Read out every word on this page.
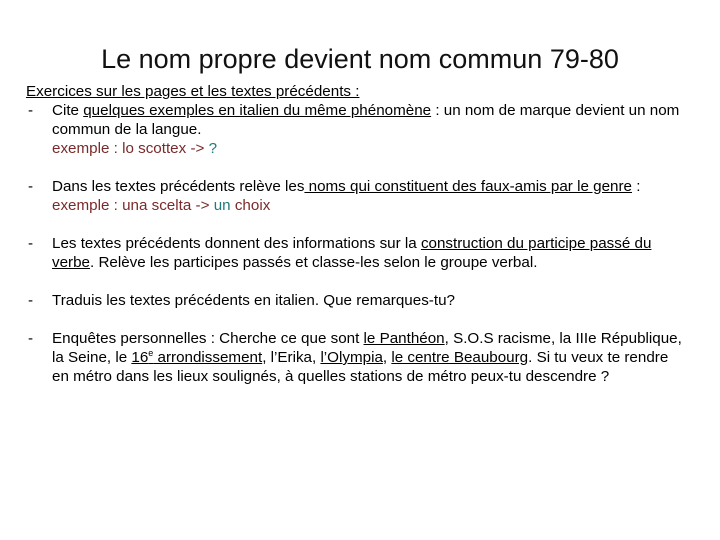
Le nom propre devient nom commun 79-80
Exercices sur les pages et les textes précédents :
- Cite quelques exemples en italien du même phénomène : un nom de marque devient un nom commun de la langue.
exemple : lo scottex -> ?
- Dans les textes précédents relève les noms qui constituent des faux-amis par le genre :
exemple : una scelta -> un choix
- Les textes précédents donnent des informations sur la construction du participe passé du verbe. Relève les participes passés et classe-les selon le groupe verbal.
- Traduis les textes précédents en italien. Que remarques-tu?
- Enquêtes personnelles : Cherche ce que sont le Panthéon, S.O.S racisme, la IIIe République, la Seine, le 16e arrondissement, l’Erika, l’Olympia, le centre Beaubourg. Si tu veux te rendre en métro dans les lieux soulignés, à quelles stations de métro peux-tu descendre ?
